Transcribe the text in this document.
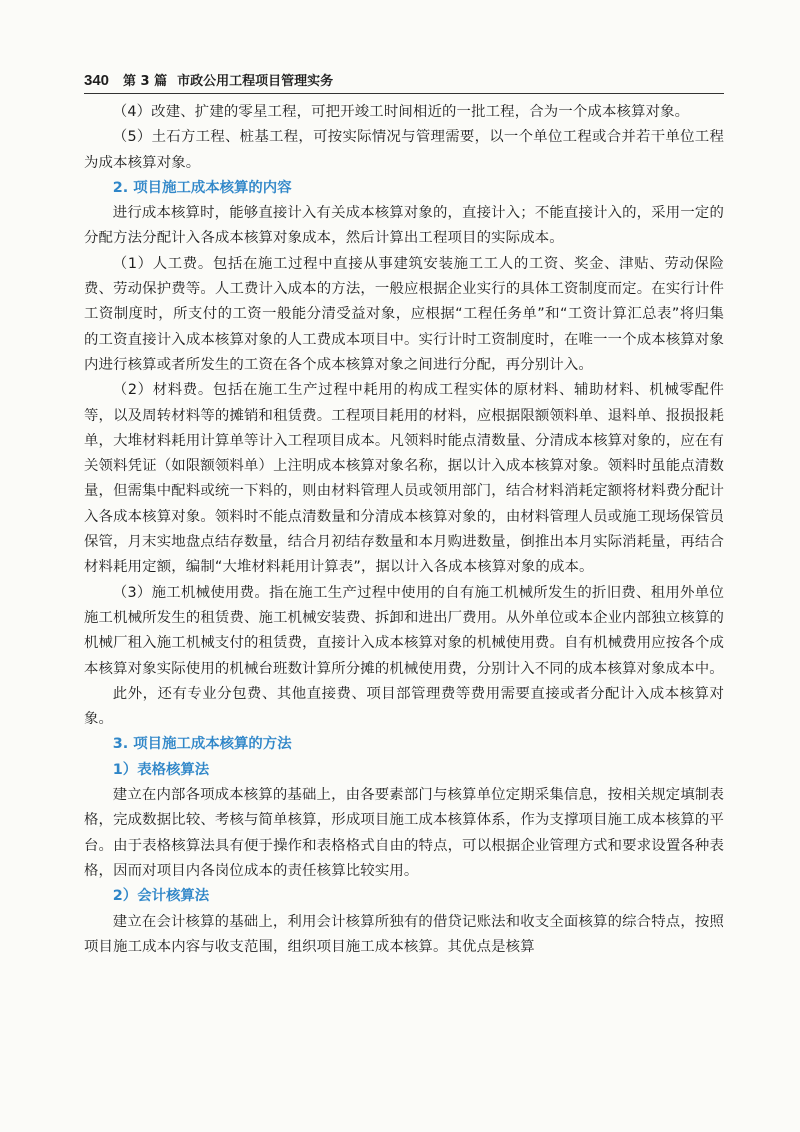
340 第 3 篇 市政公用工程项目管理实务

（4）改建、扩建的零星工程，可把开竣工时间相近的一批工程，合为一个成本核算对象。

（5）土石方工程、桩基工程，可按实际情况与管理需要，以一个单位工程或合并若干单位工程为成本核算对象。

2. 项目施工成本核算的内容

进行成本核算时，能够直接计入有关成本核算对象的，直接计入；不能直接计入的，采用一定的分配方法分配计入各成本核算对象成本，然后计算出工程项目的实际成本。

（1）人工费。包括在施工过程中直接从事建筑安装施工工人的工资、奖金、津贴、劳动保险费、劳动保护费等。人工费计入成本的方法，一般应根据企业实行的具体工资制度而定。在实行计件工资制度时，所支付的工资一般能分清受益对象，应根据“工程任务单”和“工资计算汇总表”将归集的工资直接计入成本核算对象的人工费成本项目中。实行计时工资制度时，在唯一一个成本核算对象内进行核算或者所发生的工资在各个成本核算对象之间进行分配，再分别计入。

（2）材料费。包括在施工生产过程中耗用的构成工程实体的原材料、辅助材料、机械零配件等，以及周转材料等的摊销和租赁费。工程项目耗用的材料，应根据限额领料单、退料单、报损报耗单，大堆材料耗用计算单等计入工程项目成本。凡领料时能点清数量、分清成本核算对象的，应在有关领料凭证（如限额领料单）上注明成本核算对象名称，据以计入成本核算对象。领料时虽能点清数量，但需集中配料或统一下料的，则由材料管理人员或领用部门，结合材料消耗定额将材料费分配计入各成本核算对象。领料时不能点清数量和分清成本核算对象的，由材料管理人员或施工现场保管员保管，月末实地盘点结存数量，结合月初结存数量和本月购进数量，倒推出本月实际消耗量，再结合材料耗用定额，编制“大堆材料耗用计算表”，据以计入各成本核算对象的成本。

（3）施工机械使用费。指在施工生产过程中使用的自有施工机械所发生的折旧费、租用外单位施工机械所发生的租赁费、施工机械安装费、拆卸和进出厂费用。从外单位或本企业内部独立核算的机械厂租入施工机械支付的租赁费，直接计入成本核算对象的机械使用费。自有机械费用应按各个成本核算对象实际使用的机械台班数计算所分摊的机械使用费，分别计入不同的成本核算对象成本中。

此外，还有专业分包费、其他直接费、项目部管理费等费用需要直接或者分配计入成本核算对象。

3. 项目施工成本核算的方法

1）表格核算法

建立在内部各项成本核算的基础上，由各要素部门与核算单位定期采集信息，按相关规定填制表格，完成数据比较、考核与简单核算，形成项目施工成本核算体系，作为支撑项目施工成本核算的平台。由于表格核算法具有便于操作和表格格式自由的特点，可以根据企业管理方式和要求设置各种表格，因而对项目内各岗位成本的责任核算比较实用。

2）会计核算法

建立在会计核算的基础上，利用会计核算所独有的借贷记账法和收支全面核算的综合特点，按照项目施工成本内容与收支范围，组织项目施工成本核算。其优点是核算
